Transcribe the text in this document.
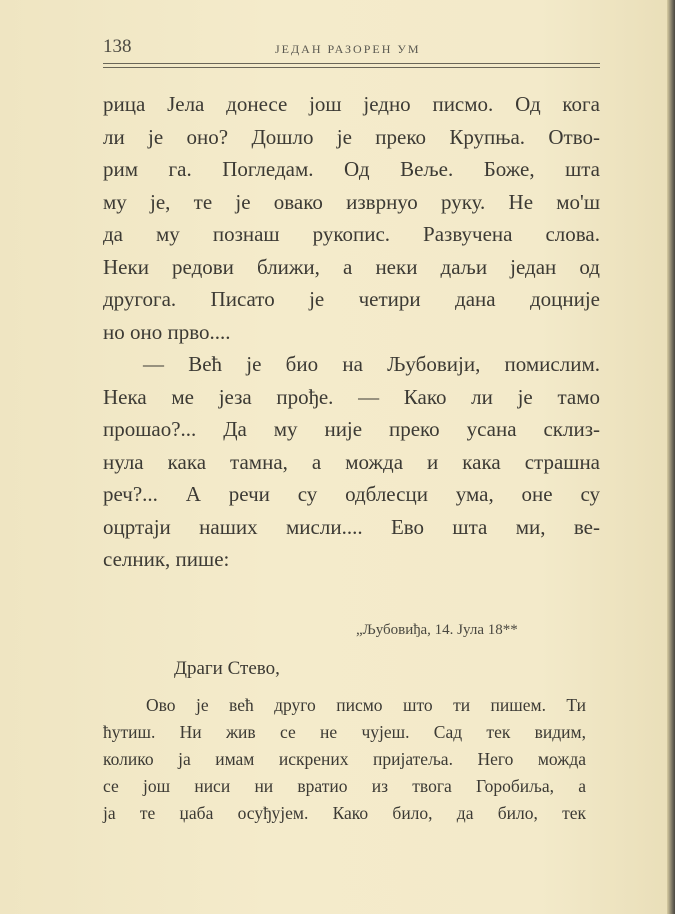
138	ЈЕДАН РАЗОРЕН УМ
рица Јела донесе још једно писмо. Од кога
ли је оно? Дошло је преко Крупња. Отво-
рим га. Погледам. Од Веље. Боже, шта
му је, те је овако изврнуо руку. Не мо'ш
да му познаш рукопис. Развучена слова.
Неки редови ближи, а неки даљи један од
другога. Писато је четири дана доцније
но оно прво....
— Већ је био на Љубовији, помислим.
Нека ме језа прође. — Како ли је тамо
прошао?... Да му није преко усана склиз-
нула кака тамна, а можда и кака страшна
реч?... А речи су одблесци ума, оне су
оцртаји наших мисли.... Ево шта ми, ве-
селник, пише:
„Љубовиђа, 14. Јула 18**
Драги Стево,
Ово је већ друго писмо што ти пишем. Ти
ћутиш. Ни жив се не чујеш. Сад тек видим,
колико ја имам искрених пријатеља. Него можда
се још ниси ни вратио из твога Горобиља, а
ја те џаба осуђујем. Како било, да било, тек
